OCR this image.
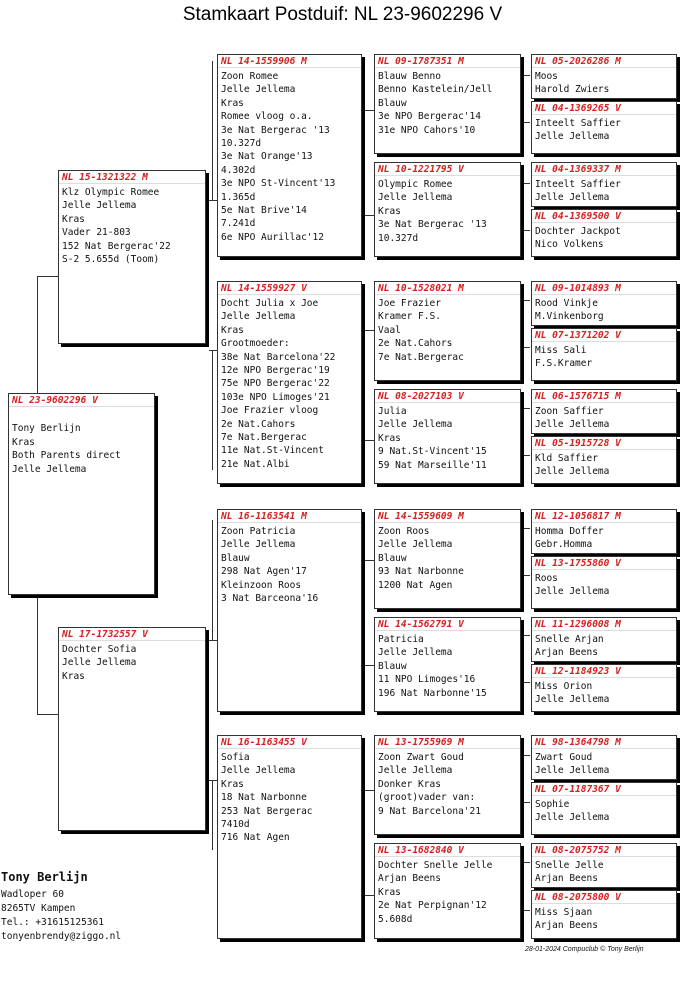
Stamkaart Postduif: NL 23-9602296 V
NL 23-9602296 V

Tony Berlijn
Kras
Both Parents direct
Jelle Jellema
NL 15-1321322 M
Klz Olympic Romee
Jelle Jellema
Kras
Vader 21-803
152 Nat Bergerac'22
S-2 5.655d (Toom)
NL 17-1732557 V
Dochter Sofia
Jelle Jellema
Kras
NL 14-1559906 M
Zoon Romee
Jelle Jellema
Kras
Romee vloog o.a.
3e Nat Bergerac '13
10.327d
3e Nat Orange'13
4.302d
3e NPO St-Vincent'13
1.365d
5e Nat Brive'14
7.241d
6e NPO Aurillac'12
NL 14-1559927 V
Docht Julia x Joe
Jelle Jellema
Kras
Grootmoeder:
38e Nat Barcelona'22
12e NPO Bergerac'19
75e NPO Bergerac'22
103e NPO Limoges'21
Joe Frazier vloog
2e Nat.Cahors
7e Nat.Bergerac
11e Nat.St-Vincent
21e Nat.Albi
NL 16-1163541 M
Zoon Patricia
Jelle Jellema
Blauw
298 Nat Agen'17
Kleinzoon Roos
3 Nat Barceona'16
NL 16-1163455 V
Sofia
Jelle Jellema
Kras
18 Nat Narbonne
253 Nat Bergerac
7410d
716 Nat Agen
NL 09-1787351 M
Blauw Benno
Benno Kastelein/Jell
Blauw
3e NPO Bergerac'14
31e NPO Cahors'10
NL 10-1221795 V
Olympic Romee
Jelle Jellema
Kras
3e Nat Bergerac '13
10.327d
NL 10-1528021 M
Joe Frazier
Kramer F.S.
Vaal
2e Nat.Cahors
7e Nat.Bergerac
NL 08-2027103 V
Julia
Jelle Jellema
Kras
9 Nat.St-Vincent'15
59 Nat Marseille'11
NL 14-1559609 M
Zoon Roos
Jelle Jellema
Blauw
93 Nat Narbonne
1200 Nat Agen
NL 14-1562791 V
Patricia
Jelle Jellema
Blauw
11 NPO Limoges'16
196 Nat Narbonne'15
NL 13-1755969 M
Zoon Zwart Goud
Jelle Jellema
Donker Kras
(groot)vader van:
9 Nat Barcelona'21
NL 13-1682840 V
Dochter Snelle Jelle
Arjan Beens
Kras
2e Nat Perpignan'12
5.608d
NL 05-2026286 M
Moos
Harold Zwiers
NL 04-1369265 V
Inteelt Saffier
Jelle Jellema
NL 04-1369337 M
Inteelt Saffier
Jelle Jellema
NL 04-1369500 V
Dochter Jackpot
Nico Volkens
NL 09-1014893 M
Rood Vinkje
M.Vinkenborg
NL 07-1371202 V
Miss Sali
F.S.Kramer
NL 06-1576715 M
Zoon Saffier
Jelle Jellema
NL 05-1915728 V
Kld Saffier
Jelle Jellema
NL 12-1056817 M
Homma Doffer
Gebr.Homma
NL 13-1755860 V
Roos
Jelle Jellema
NL 11-1296008 M
Snelle Arjan
Arjan Beens
NL 12-1184923 V
Miss Orion
Jelle Jellema
NL 98-1364798 M
Zwart Goud
Jelle Jellema
NL 07-1187367 V
Sophie
Jelle Jellema
NL 08-2075752 M
Snelle Jelle
Arjan Beens
NL 08-2075800 V
Miss Sjaan
Arjan Beens
Tony Berlijn
Wadloper 60
8265TV Kampen
Tel.: +31615125361
tonyenbrendy@ziggo.nl
28-01-2024 Compuclub © Tony Berlijn
